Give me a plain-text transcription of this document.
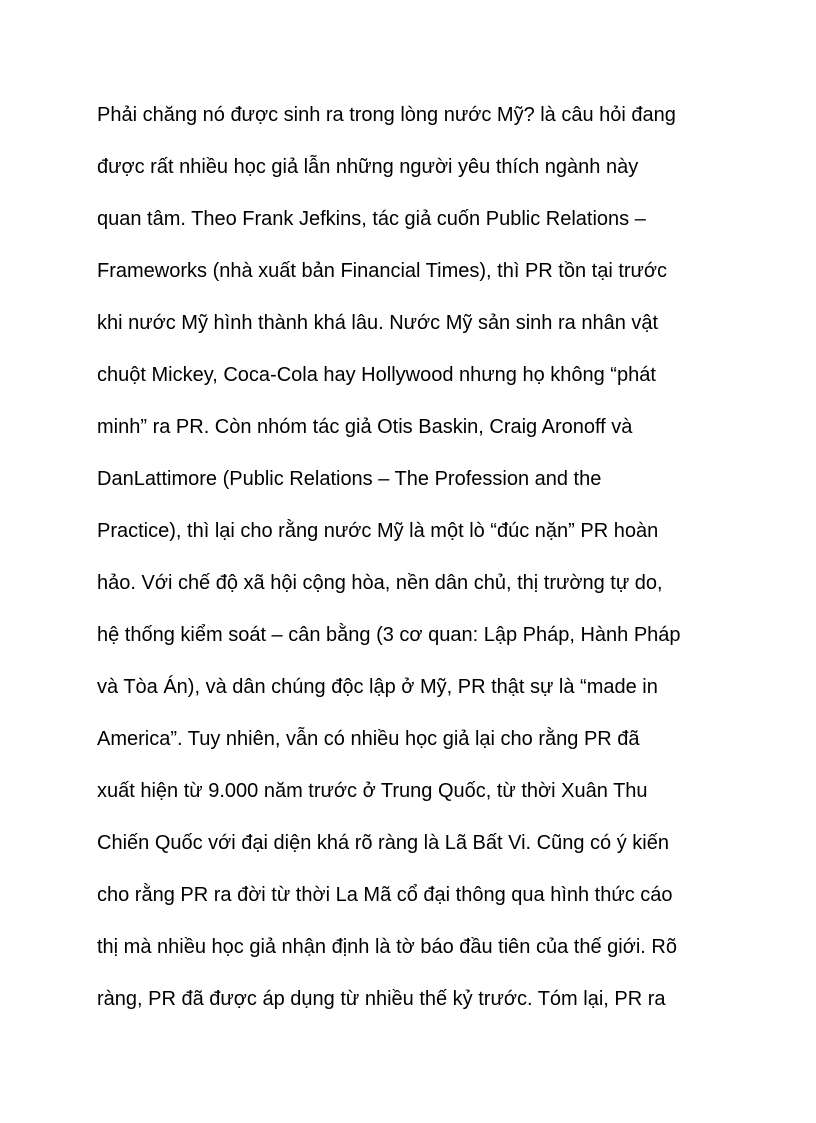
Phải chăng nó được sinh ra trong lòng nước Mỹ? là câu hỏi đang
được rất nhiều học giả lẫn những người yêu thích ngành này
quan tâm. Theo Frank Jefkins, tác giả cuốn Public Relations –
Frameworks (nhà xuất bản Financial Times), thì PR tồn tại trước
khi nước Mỹ hình thành khá lâu. Nước Mỹ sản sinh ra nhân vật
chuột Mickey, Coca-Cola hay Hollywood nhưng họ không “phát
minh” ra PR. Còn nhóm tác giả Otis Baskin, Craig Aronoff và
DanLattimore (Public Relations – The Profession and the
Practice), thì lại cho rằng nước Mỹ là một lò “đúc nặn” PR hoàn
hảo. Với chế độ xã hội cộng hòa, nền dân chủ, thị trường tự do,
hệ thống kiểm soát – cân bằng (3 cơ quan: Lập Pháp, Hành Pháp
và Tòa Án), và dân chúng độc lập ở Mỹ, PR thật sự là “made in
America”. Tuy nhiên, vẫn có nhiều học giả lại cho rằng PR đã
xuất hiện từ 9.000 năm trước ở Trung Quốc, từ thời Xuân Thu
Chiến Quốc với đại diện khá rõ ràng là Lã Bất Vi. Cũng có ý kiến
cho rằng PR ra đời từ thời La Mã cổ đại thông qua hình thức cáo
thị mà nhiều học giả nhận định là tờ báo đầu tiên của thế giới. Rõ
ràng, PR đã được áp dụng từ nhiều thế kỷ trước. Tóm lại, PR ra
